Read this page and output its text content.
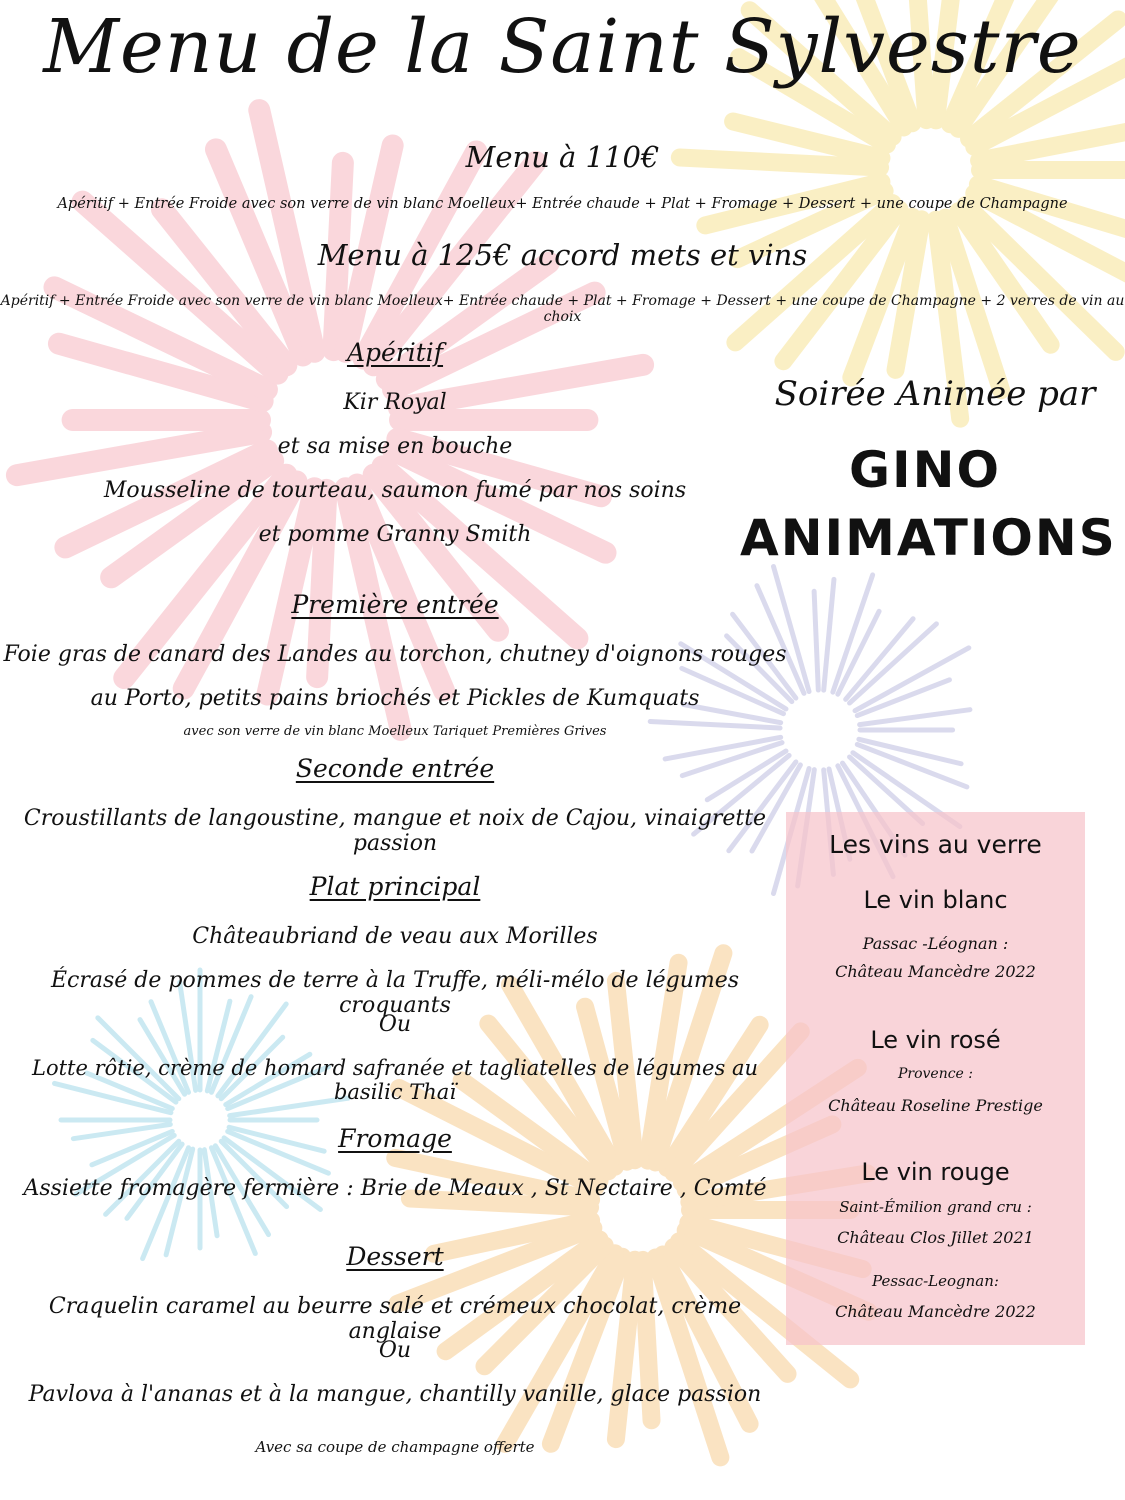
Menu de la Saint Sylvestre
Menu à 110€
Apéritif + Entrée Froide avec son verre de vin blanc Moelleux+ Entrée chaude + Plat + Fromage + Dessert + une coupe de Champagne
Menu à 125€ accord mets et vins
Apéritif + Entrée Froide avec son verre de vin blanc Moelleux+ Entrée chaude + Plat + Fromage + Dessert + une coupe de Champagne + 2 verres de vin au choix
Apéritif
Kir Royal
et sa mise en bouche
Mousseline de tourteau, saumon fumé par nos soins
et pomme Granny Smith
Première entrée
Foie gras de canard des Landes au torchon, chutney d'oignons rouges
au Porto, petits pains briochés et Pickles de Kumquats
avec son verre de vin blanc Moelleux Tariquet Premières Grives
Seconde entrée
Croustillants de langoustine, mangue et noix de Cajou, vinaigrette passion
Plat principal
Châteaubriand de veau aux Morilles
Écrasé de pommes de terre à la Truffe, méli-mélo de légumes croquants
Ou
Lotte rôtie, crème de homard safranée et tagliatelles de légumes au basilic Thaï
Fromage
Assiette fromagère fermière : Brie de Meaux , St Nectaire , Comté
Dessert
Craquelin caramel au beurre salé et crémeux chocolat, crème anglaise
Ou
Pavlova à l'ananas et à la mangue, chantilly vanille, glace passion
Avec sa coupe de champagne offerte
Soirée Animée par
GINO
ANIMATIONS
Les vins au verre
Le vin blanc
Passac -Léognan :
Château Mancèdre 2022
Le vin rosé
Provence :
Château Roseline Prestige
Le vin rouge
Saint-Émilion grand cru :
Château Clos Jillet 2021
Pessac-Leognan:
Château Mancèdre 2022
